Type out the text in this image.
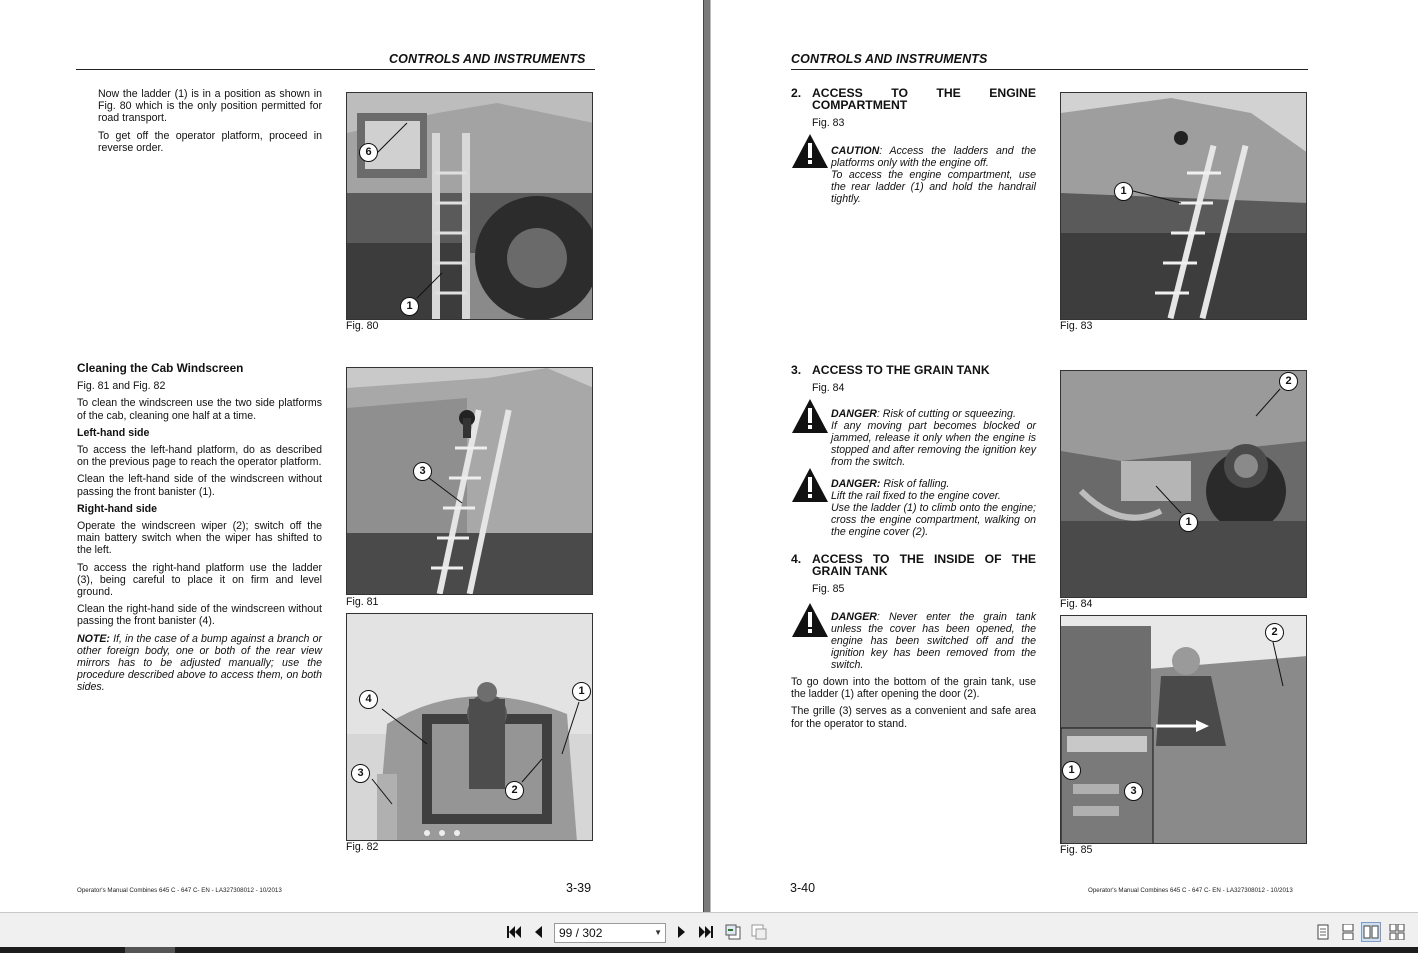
CONTROLS AND INSTRUMENTS

Now the ladder (1) is in a position as shown in Fig. 80 which is the only position permitted for road transport.

To get off the operator platform, proceed in reverse order.	6
1
Fig. 80
Cleaning the Cab Windscreen

Fig. 81 and Fig. 82

To clean the windscreen use the two side platforms of the cab, cleaning one half at a time.

Left-hand side

To access the left-hand platform, do as described on the previous page to reach the operator platform.

Clean the left-hand side of the windscreen without passing the front banister (1).

Right-hand side

Operate the windscreen wiper (2); switch off the main battery switch when the wiper has shifted to the left.

To access the right-hand platform use the ladder (3), being careful to place it on firm and level ground.

Clean the right-hand side of the windscreen without passing the front banister (4).

NOTE: If, in the case of a bump against a branch or other foreign body, one or both of the rear view mirrors has to be adjusted manually; use the procedure described above to access them, on both sides.

3
Fig. 81
4
1
3
2
Fig. 82
Operator's Manual Combines 645 C - 647 C- EN - LA327308012 - 10/2013	3-39
CONTROLS AND INSTRUMENTS
2. ACCESS TO THE ENGINE COMPARTMENT

Fig. 83

CAUTION: Access the ladders and the platforms only with the engine off.
To access the engine compartment, use the rear ladder (1) and hold the handrail tightly.
1
Fig. 83
3. ACCESS TO THE GRAIN TANK

Fig. 84

DANGER: Risk of cutting or squeezing.
If any moving part becomes blocked or jammed, release it only when the engine is stopped and after removing the ignition key from the switch.
DANGER: Risk of falling.
Lift the rail fixed to the engine cover.
Use the ladder (1) to climb onto the engine; cross the engine compartment, walking on the engine cover (2).
4. ACCESS TO THE INSIDE OF THE GRAIN TANK

Fig. 85

DANGER: Never enter the grain tank unless the cover has been opened, the engine has been switched off and the ignition key has been removed from the switch.

To go down into the bottom of the grain tank, use the ladder (1) after opening the door (2).

The grille (3) serves as a convenient and safe area for the operator to stand.

2
1
Fig. 84
2
1
3
Fig. 85
3-40	Operator's Manual Combines 645 C - 647 C- EN - LA327308012 - 10/2013
99 / 302	▼
